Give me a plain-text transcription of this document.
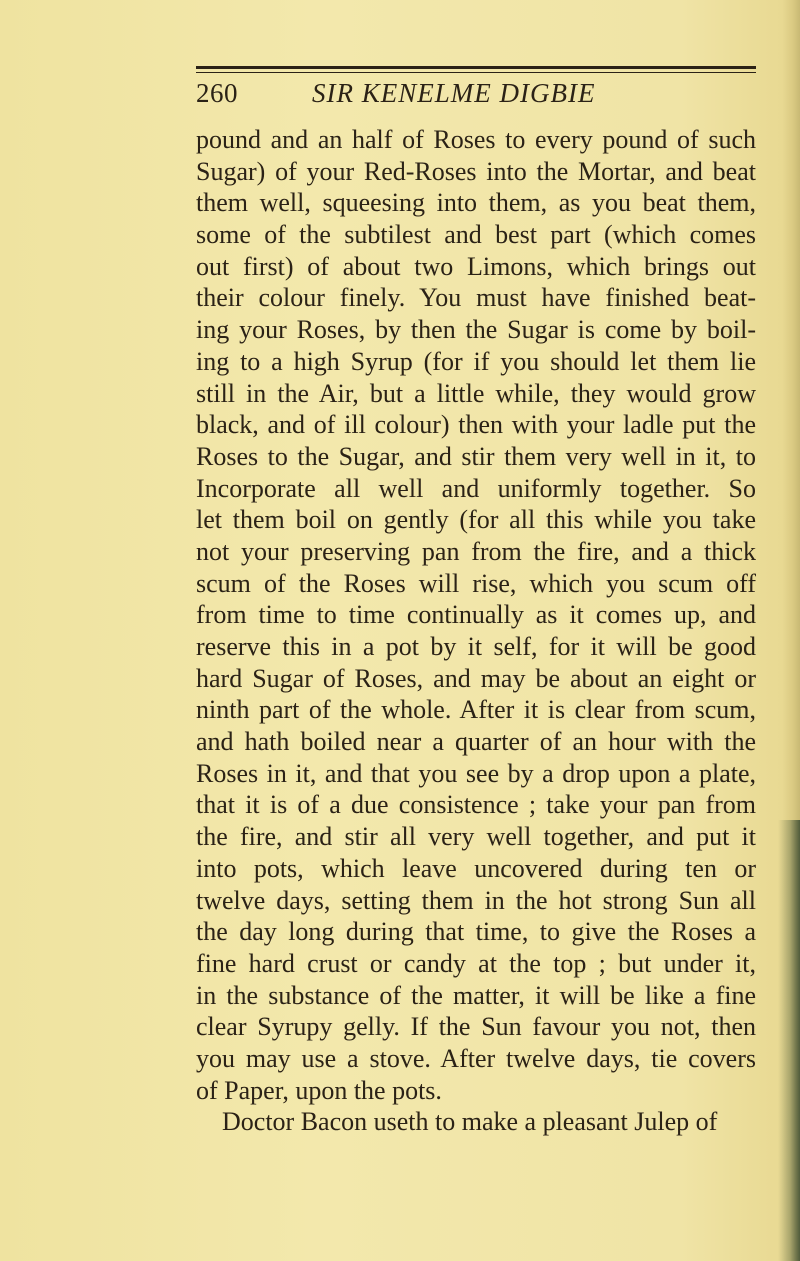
260	SIR KENELME DIGBIE
pound and an half of Roses to every pound of such
Sugar) of your Red-Roses into the Mortar, and beat
them well, squeesing into them, as you beat them,
some of the subtilest and best part (which comes
out first) of about two Limons, which brings out
their colour finely. You must have finished beat-
ing your Roses, by then the Sugar is come by boil-
ing to a high Syrup (for if you should let them lie
still in the Air, but a little while, they would grow
black, and of ill colour) then with your ladle put the
Roses to the Sugar, and stir them very well in it, to
Incorporate all well and uniformly together. So
let them boil on gently (for all this while you take
not your preserving pan from the fire, and a thick
scum of the Roses will rise, which you scum off
from time to time continually as it comes up, and
reserve this in a pot by it self, for it will be good
hard Sugar of Roses, and may be about an eight or
ninth part of the whole. After it is clear from scum,
and hath boiled near a quarter of an hour with the
Roses in it, and that you see by a drop upon a plate,
that it is of a due consistence ; take your pan from
the fire, and stir all very well together, and put it
into pots, which leave uncovered during ten or
twelve days, setting them in the hot strong Sun all
the day long during that time, to give the Roses a
fine hard crust or candy at the top ; but under it,
in the substance of the matter, it will be like a fine
clear Syrupy gelly. If the Sun favour you not, then
you may use a stove. After twelve days, tie covers
of Paper, upon the pots.
Doctor Bacon useth to make a pleasant Julep of
